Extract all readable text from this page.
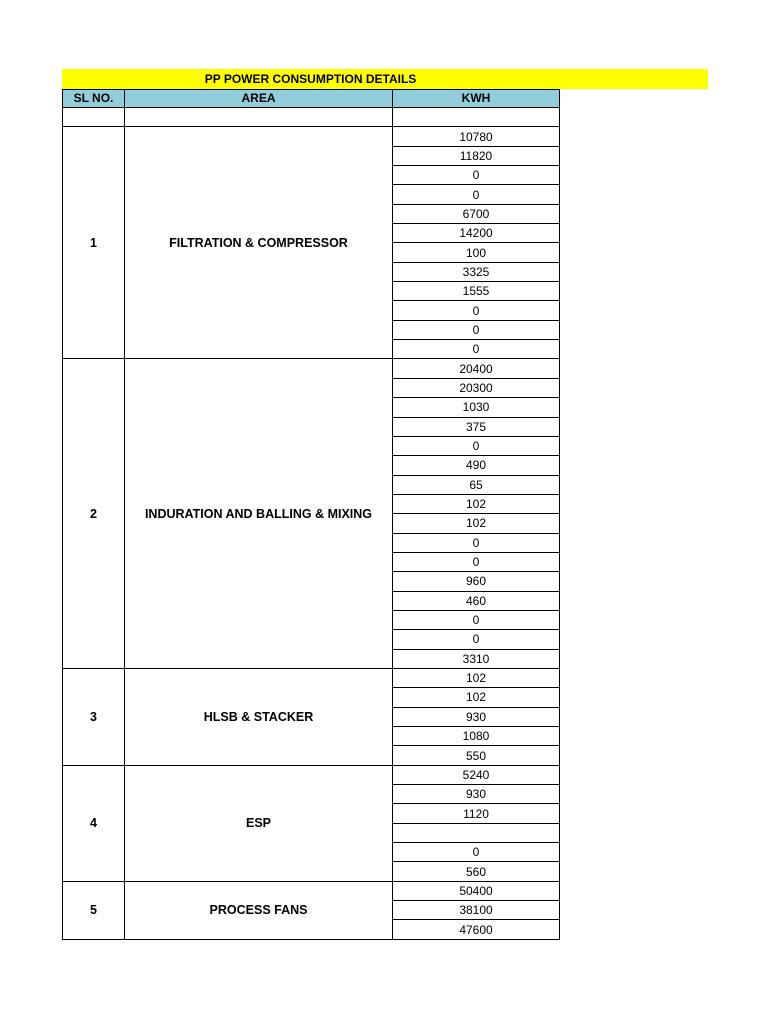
PP POWER CONSUMPTION DETAILS
SL NO.	AREA	KWH

1	FILTRATION & COMPRESSOR	10780
		11820
		0
		0
		6700
		14200
		100
		3325
		1555
		0
		0
		0
2	INDURATION AND BALLING & MIXING	20400
		20300
		1030
		375
		0
		490
		65
		102
		102
		0
		0
		960
		460
		0
		0
		3310
3	HLSB & STACKER	102
		102
		930
		1080
		550
4	ESP	5240
		930
		1120

		0
		560
5	PROCESS FANS	50400
		38100
		47600
